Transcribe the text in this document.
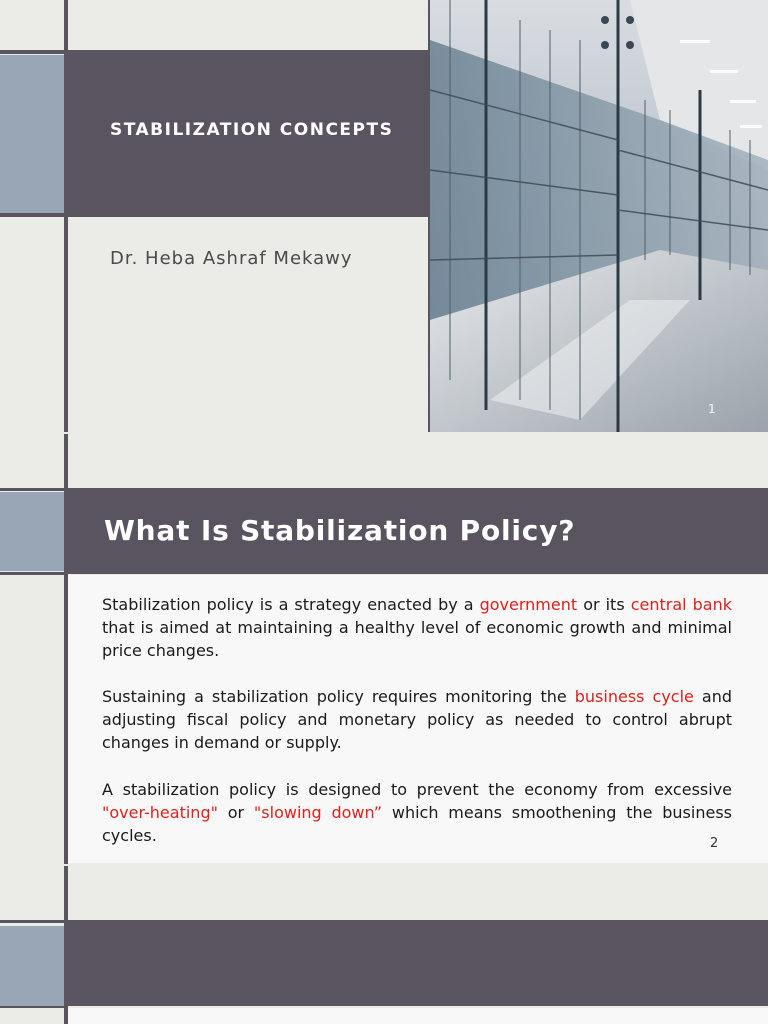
STABILIZATION CONCEPTS
Dr. Heba Ashraf Mekawy
1
What Is Stabilization Policy?
Stabilization policy is a strategy enacted by a government or its central bank that is aimed at maintaining a healthy level of economic growth and minimal price changes.
Sustaining a stabilization policy requires monitoring the business cycle and adjusting fiscal policy and monetary policy as needed to control abrupt changes in demand or supply.
A stabilization policy is designed to prevent the economy from excessive "over-heating" or "slowing down” which means smoothening the business cycles.	2
